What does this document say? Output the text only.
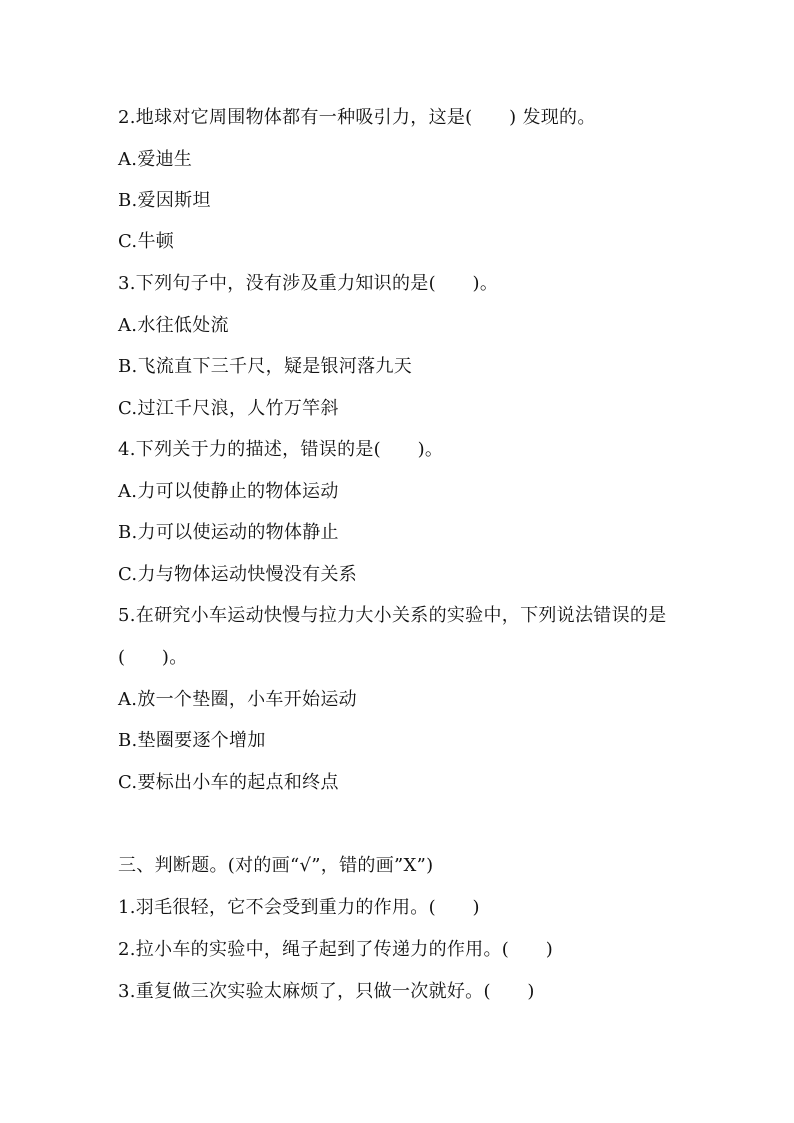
2.地球对它周围物体都有一种吸引力，这是(　　) 发现的。
A.爱迪生
B.爱因斯坦
C.牛顿
3.下列句子中，没有涉及重力知识的是(　　)。
A.水往低处流
B.飞流直下三千尺，疑是银河落九天
C.过江千尺浪，人竹万竿斜
4.下列关于力的描述，错误的是(　　)。
A.力可以使静止的物体运动
B.力可以使运动的物体静止
C.力与物体运动快慢没有关系
5.在研究小车运动快慢与拉力大小关系的实验中，下列说法错误的是
(　　)。
A.放一个垫圈，小车开始运动
B.垫圈要逐个增加
C.要标出小车的起点和终点
三、判断题。(对的画“√”，错的画”X”)
1.羽毛很轻，它不会受到重力的作用。(　　)
2.拉小车的实验中，绳子起到了传递力的作用。(　　)
3.重复做三次实验太麻烦了，只做一次就好。(　　)
